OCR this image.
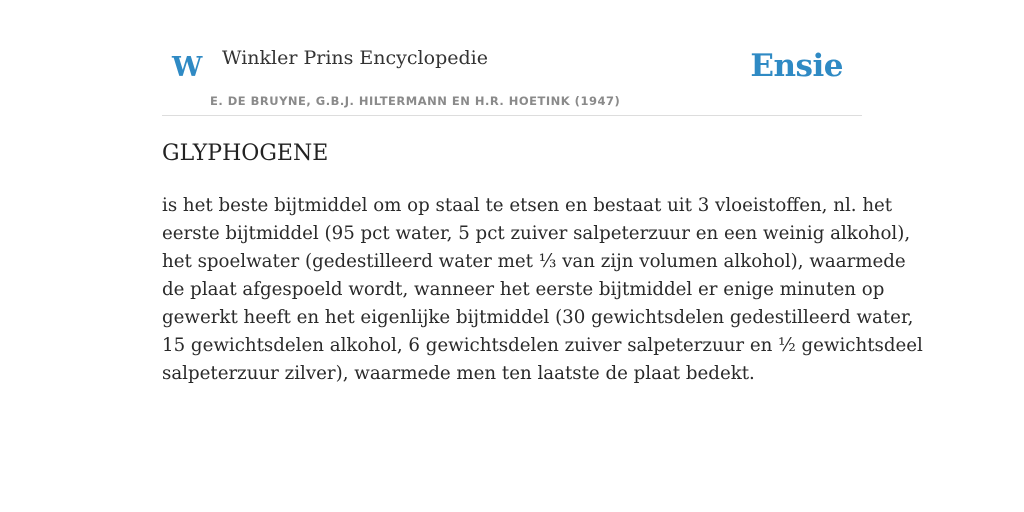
W Winkler Prins Encyclopedie
E. DE BRUYNE, G.B.J. HILTERMANN EN H.R. HOETINK (1947)
Ensie
GLYPHOGENE

is het beste bijtmiddel om op staal te etsen en bestaat uit 3 vloeistoffen, nl. het
eerste bijtmiddel (95 pct water, 5 pct zuiver salpeterzuur en een weinig alkohol),
het spoelwater (gedestilleerd water met ⅓ van zijn volumen alkohol), waarmede
de plaat afgespoeld wordt, wanneer het eerste bijtmiddel er enige minuten op
gewerkt heeft en het eigenlijke bijtmiddel (30 gewichtsdelen gedestilleerd water,
15 gewichtsdelen alkohol, 6 gewichtsdelen zuiver salpeterzuur en ½ gewichtsdeel
salpeterzuur zilver), waarmede men ten laatste de plaat bedekt.
